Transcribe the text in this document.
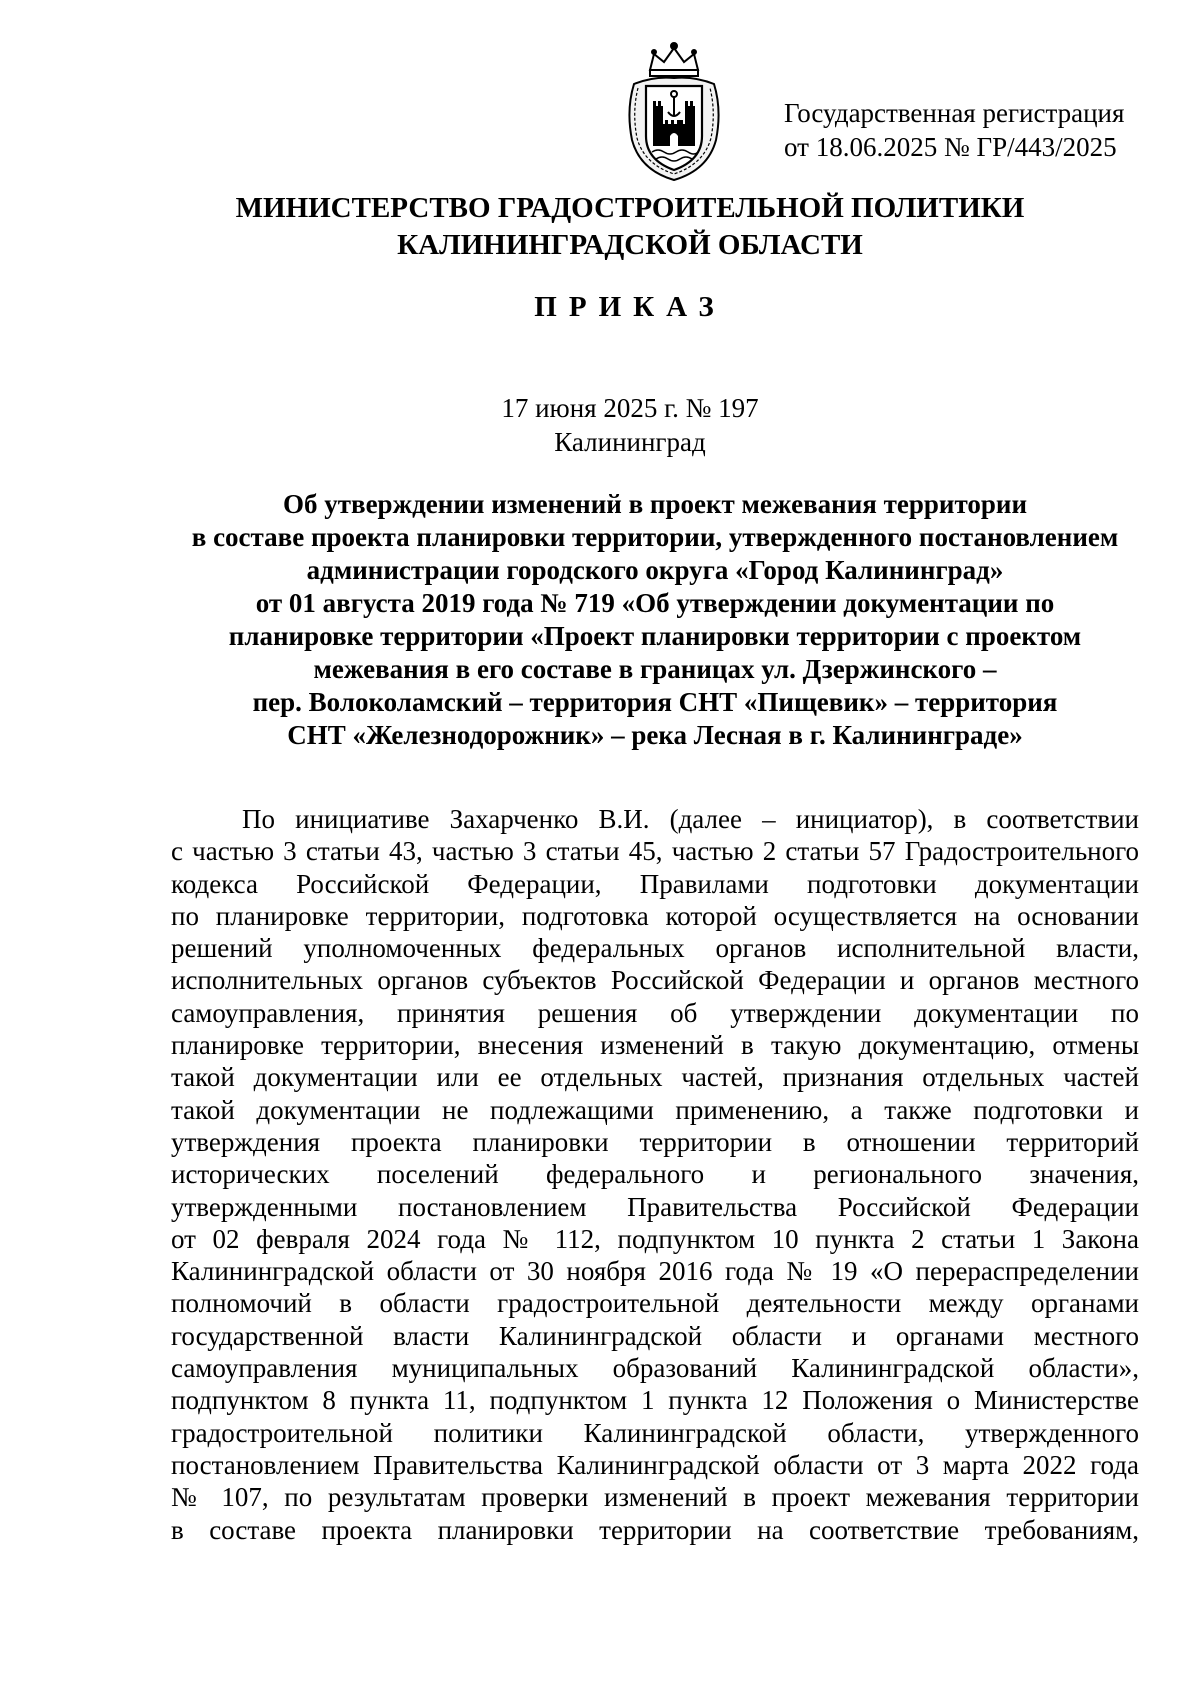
Государственная регистрация
от 18.06.2025 № ГР/443/2025
МИНИСТЕРСТВО ГРАДОСТРОИТЕЛЬНОЙ ПОЛИТИКИ
КАЛИНИНГРАДСКОЙ ОБЛАСТИ
ПРИКАЗ
17 июня 2025 г. № 197
Калининград
Об утверждении изменений в проект межевания территории
в составе проекта планировки территории, утвержденного постановлением
администрации городского округа «Город Калининград»
от 01 августа 2019 года № 719 «Об утверждении документации по
планировке территории «Проект планировки территории с проектом
межевания в его составе в границах ул. Дзержинского –
пер. Волоколамский – территория СНТ «Пищевик» – территория
СНТ «Железнодорожник» – река Лесная в г. Калининграде»
По инициативе Захарченко В.И. (далее – инициатор), в соответствии
с частью 3 статьи 43, частью 3 статьи 45, частью 2 статьи 57 Градостроительного
кодекса Российской Федерации, Правилами подготовки документации
по планировке территории, подготовка которой осуществляется на основании
решений уполномоченных федеральных органов исполнительной власти,
исполнительных органов субъектов Российской Федерации и органов местного
самоуправления, принятия решения об утверждении документации по
планировке территории, внесения изменений в такую документацию, отмены
такой документации или ее отдельных частей, признания отдельных частей
такой документации не подлежащими применению, а также подготовки и
утверждения проекта планировки территории в отношении территорий
исторических поселений федерального и регионального значения,
утвержденными постановлением Правительства Российской Федерации
от 02 февраля 2024 года № 112, подпунктом 10 пункта 2 статьи 1 Закона
Калининградской области от 30 ноября 2016 года № 19 «О перераспределении
полномочий в области градостроительной деятельности между органами
государственной власти Калининградской области и органами местного
самоуправления муниципальных образований Калининградской области»,
подпунктом 8 пункта 11, подпунктом 1 пункта 12 Положения о Министерстве
градостроительной политики Калининградской области, утвержденного
постановлением Правительства Калининградской области от 3 марта 2022 года
№ 107, по результатам проверки изменений в проект межевания территории
в составе проекта планировки территории на соответствие требованиям,
